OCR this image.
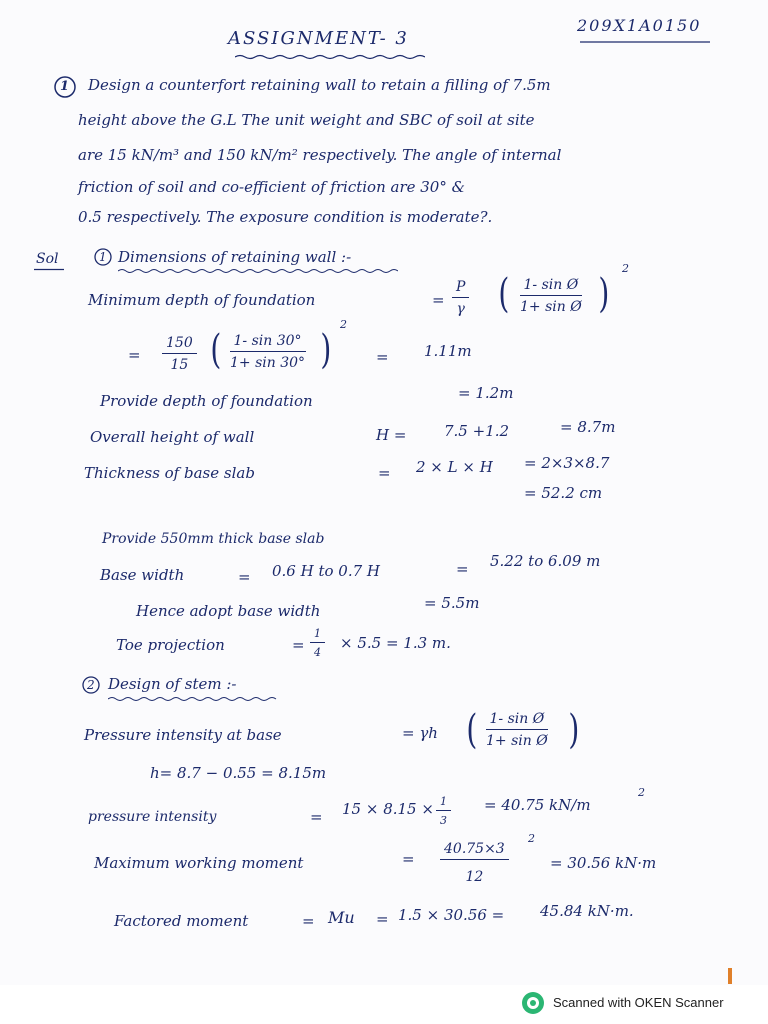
ASSIGNMENT- 3
209X1A0150
1 Design a counterfort retaining wall to retain a filling of 7.5m
height above the G.L The unit weight and SBC of soil at site
are 15 kN/m³ and 150 kN/m² respectively. The angle of internal
friction of soil and co-efficient of friction are 30° &
0.5 respectively. The exposure condition is moderate?.
Sol	1 Dimensions of retaining wall :-
Minimum depth of foundation	= $\frac{P}{\gamma}$ ( $\frac{\text{1- sin Ø}}{\text{1+ sin Ø}}$ )
2
= $\frac{150}{15}$ ( $\frac{1- \sin 30^\circ}{1+ \sin 30^\circ}$ )
2
= 1.11m
Provide depth of foundation	= 1.2m
Overall height of wall	H =	7.5 +1.2	= 8.7m
Thickness of base slab	= 2 × L × H = 2×3×8.7
= 52.2 cm
Provide 550mm thick base slab
Base width	= 0.6 H to 0.7 H	= 5.22 to 6.09 m
Hence adopt base width	= 5.5m
Toe projection	= $\frac{1}{4} \times 5.5 = 1.3$ m.
2 Design of stem :-
Pressure intensity at base	= γh ( $\frac{\text{1- sin Ø}}{\text{1+ sin Ø}}$ )
h= 8.7 − 0.55 = 8.15m
pressure intensity	= $15 \times 8.15 \times \frac{1}{3} = 40.75$ kN/m
2
Maximum working moment	= $\frac{40.75\times 3}{12}$
2
= 30.56 kN·m
Factored moment	= Mu = 1.5 × 30.56 = 45.84 kN·m.
Scanned with OKEN Scanner
